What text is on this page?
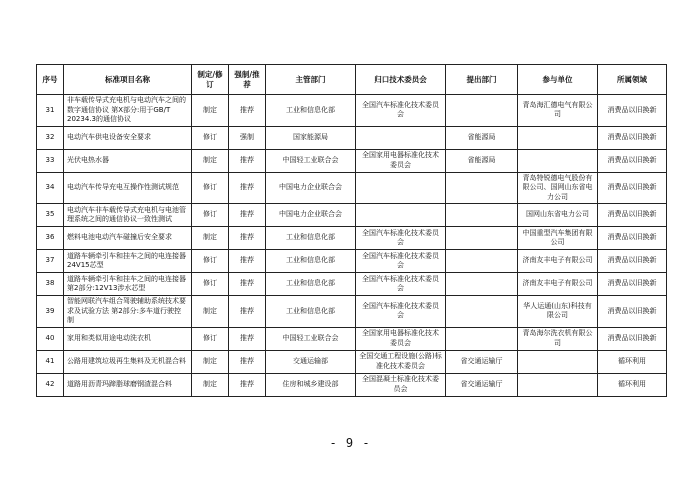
序号	标准项目名称	制定/修订	强制/推荐	主管部门	归口技术委员会	提出部门	参与单位	所属领域
31	非车载传导式充电机与电动汽车之间的数字通信协议 第X部分:用于GB/T 20234.3的通信协议	制定	推荐	工业和信息化部	全国汽车标准化技术委员会		青岛海汇德电气有限公司	消费品以旧换新
32	电动汽车供电设备安全要求	修订	强制	国家能源局		省能源局		消费品以旧换新
33	光伏电热水器	制定	推荐	中国轻工业联合会	全国家用电器标准化技术委员会	省能源局		消费品以旧换新
34	电动汽车传导充电互操作性测试规范	修订	推荐	中国电力企业联合会			青岛特锐德电气股份有限公司、国网山东省电力公司	消费品以旧换新
35	电动汽车非车载传导式充电机与电池管理系统之间的通信协议一致性测试	修订	推荐	中国电力企业联合会			国网山东省电力公司	消费品以旧换新
36	燃料电池电动汽车碰撞后安全要求	制定	推荐	工业和信息化部	全国汽车标准化技术委员会		中国重型汽车集团有限公司	消费品以旧换新
37	道路车辆牵引车和挂车之间的电连接器 24V15芯型	修订	推荐	工业和信息化部	全国汽车标准化技术委员会		济南友丰电子有限公司	消费品以旧换新
38	道路车辆牵引车和挂车之间的电连接器 第2部分:12V13涉水芯型	修订	推荐	工业和信息化部	全国汽车标准化技术委员会		济南友丰电子有限公司	消费品以旧换新
39	智能网联汽车组合驾驶辅助系统技术要求及试验方法 第2部分:多车道行驶控制	制定	推荐	工业和信息化部	全国汽车标准化技术委员会		华人运通(山东)科技有限公司	消费品以旧换新
40	家用和类似用途电动洗衣机	修订	推荐	中国轻工业联合会	全国家用电器标准化技术委员会		青岛海尔洗衣机有限公司	消费品以旧换新
41	公路用建筑垃圾再生集料及无机混合料	制定	推荐	交通运输部	全国交通工程设施(公路)标准化技术委员会	省交通运输厅		循环利用
42	道路用沥青玛蹄脂球磨钢渣混合料	制定	推荐	住房和城乡建设部	全国混凝土标准化技术委员会	省交通运输厅		循环利用
- 9 -
